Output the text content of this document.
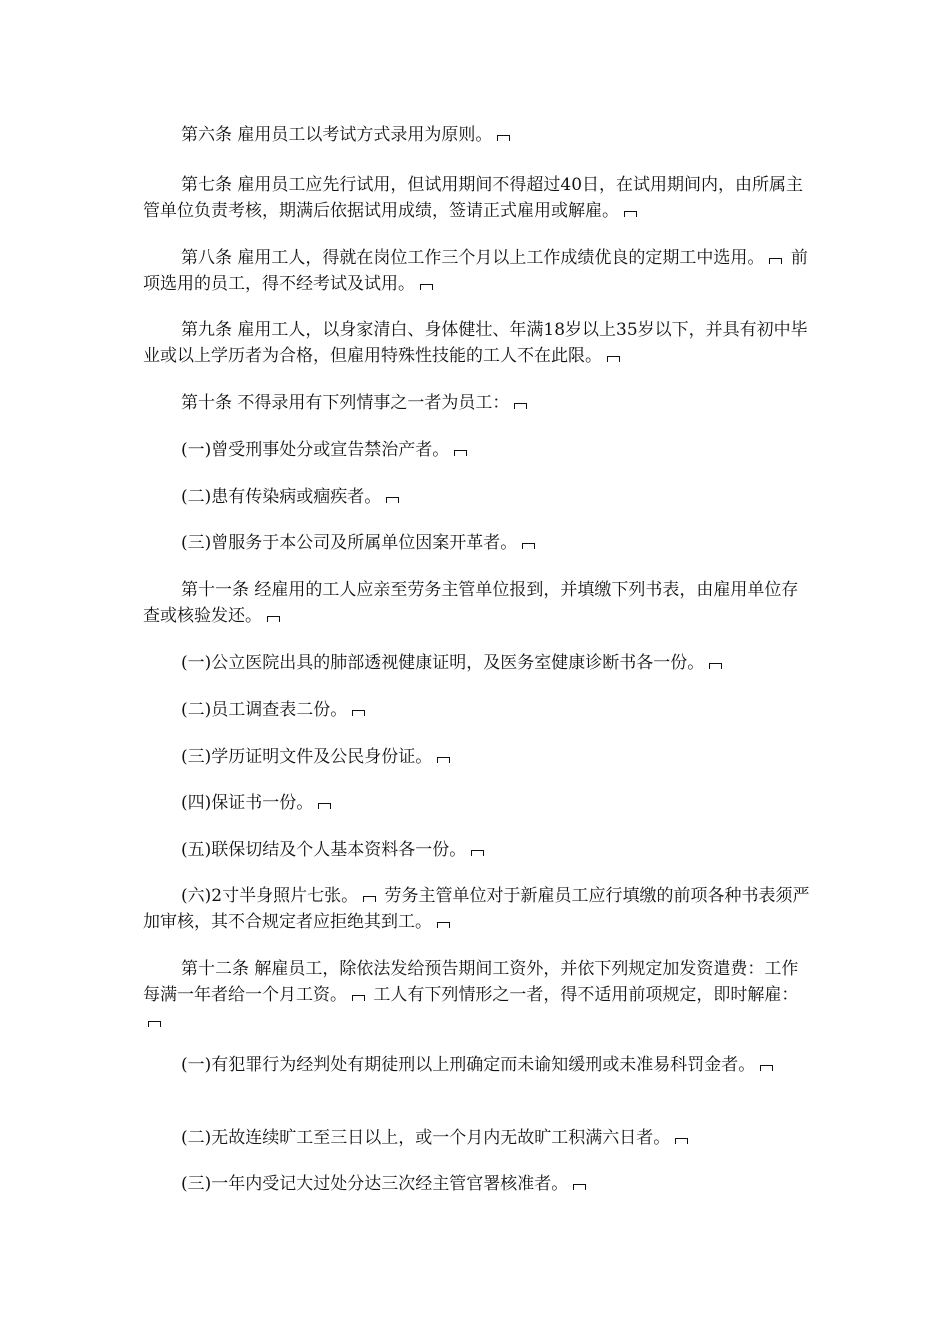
第六条 雇用员工以考试方式录用为原则。

第七条 雇用员工应先行试用，但试用期间不得超过40日，在试用期间内，由所属主管单位负责考核，期满后依据试用成绩，签请正式雇用或解雇。

第八条 雇用工人，得就在岗位工作三个月以上工作成绩优良的定期工中选用。 前项选用的员工，得不经考试及试用。

第九条 雇用工人，以身家清白、身体健壮、年满18岁以上35岁以下，并具有初中毕业或以上学历者为合格，但雇用特殊性技能的工人不在此限。

第十条 不得录用有下列情事之一者为员工：

(一)曾受刑事处分或宣告禁治产者。

(二)患有传染病或痼疾者。

(三)曾服务于本公司及所属单位因案开革者。

第十一条 经雇用的工人应亲至劳务主管单位报到，并填缴下列书表，由雇用单位存查或核验发还。

(一)公立医院出具的肺部透视健康证明，及医务室健康诊断书各一份。

(二)员工调查表二份。

(三)学历证明文件及公民身份证。

(四)保证书一份。

(五)联保切结及个人基本资料各一份。

(六)2寸半身照片七张。 劳务主管单位对于新雇员工应行填缴的前项各种书表须严加审核，其不合规定者应拒绝其到工。

第十二条 解雇员工，除依法发给预告期间工资外，并依下列规定加发资遣费：工作每满一年者给一个月工资。 工人有下列情形之一者，得不适用前项规定，即时解雇：

(一)有犯罪行为经判处有期徒刑以上刑确定而未谕知缓刑或未准易科罚金者。

(二)无故连续旷工至三日以上，或一个月内无故旷工积满六日者。

(三)一年内受记大过处分达三次经主管官署核准者。
